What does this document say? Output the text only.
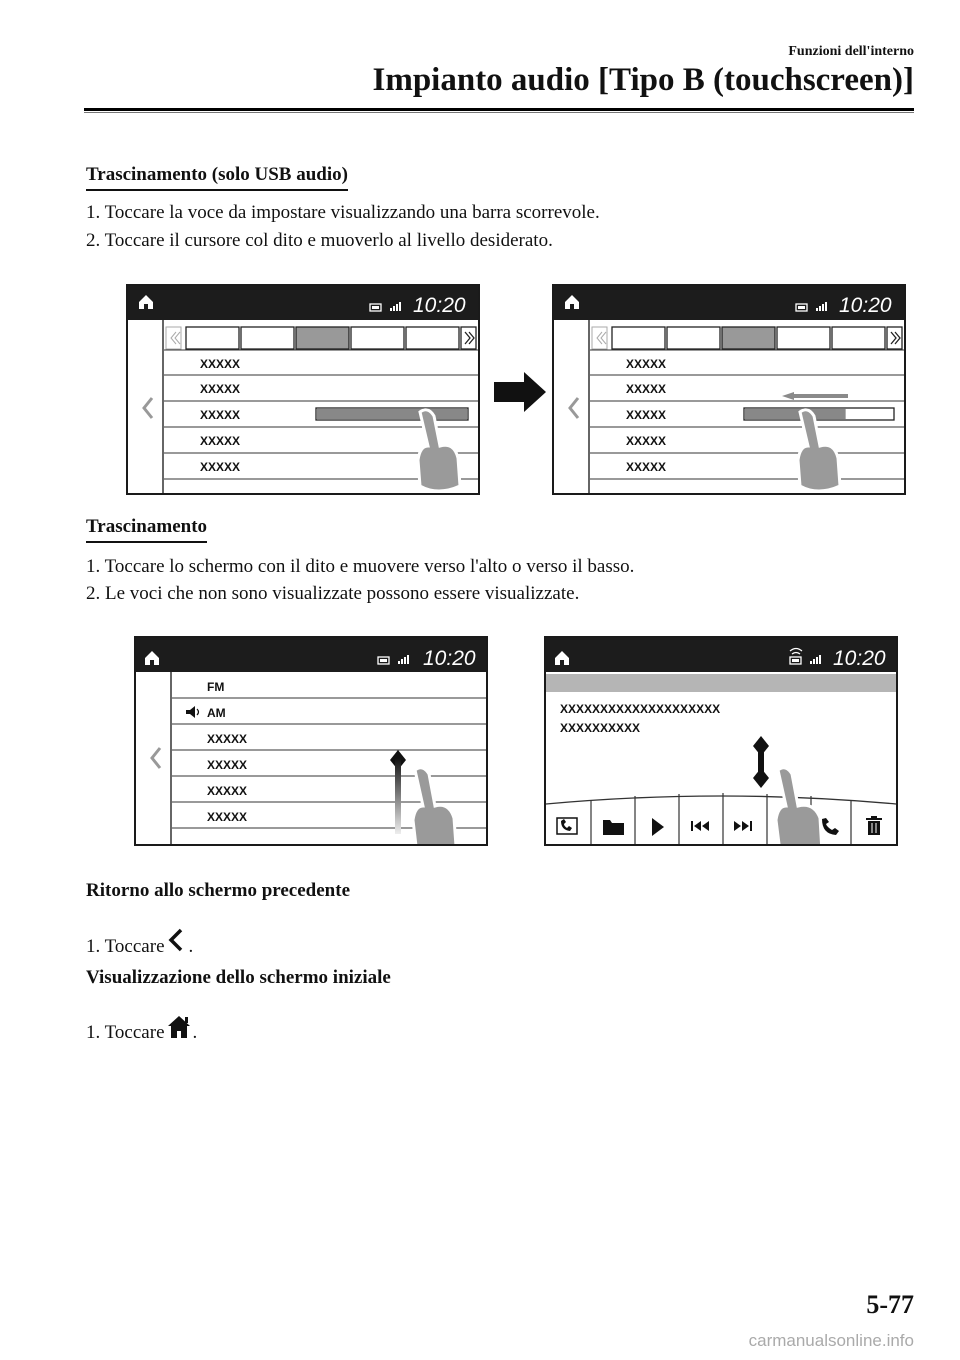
Funzioni dell'interno
Impianto audio [Tipo B (touchscreen)]
Trascinamento (solo USB audio)
1. Toccare la voce da impostare visualizzando una barra scorrevole.
2. Toccare il cursore col dito e muoverlo al livello desiderato.
10:20
XXXXX
XXXXX
XXXXX
XXXXX
XXXXX
10:20
XXXXX
XXXXX
XXXXX
XXXXX
XXXXX
Trascinamento
1. Toccare lo schermo con il dito e muovere verso l'alto o verso il basso.
2. Le voci che non sono visualizzate possono essere visualizzate.
10:20
FM
AM
XXXXX
XXXXX
XXXXX
XXXXX
10:20
XXXXXXXXXXXXXXXXXXXX
XXXXXXXXXX
Ritorno allo schermo precedente
1. Toccare .
Visualizzazione dello schermo iniziale
1. Toccare .
5-77
carmanualsonline.info
